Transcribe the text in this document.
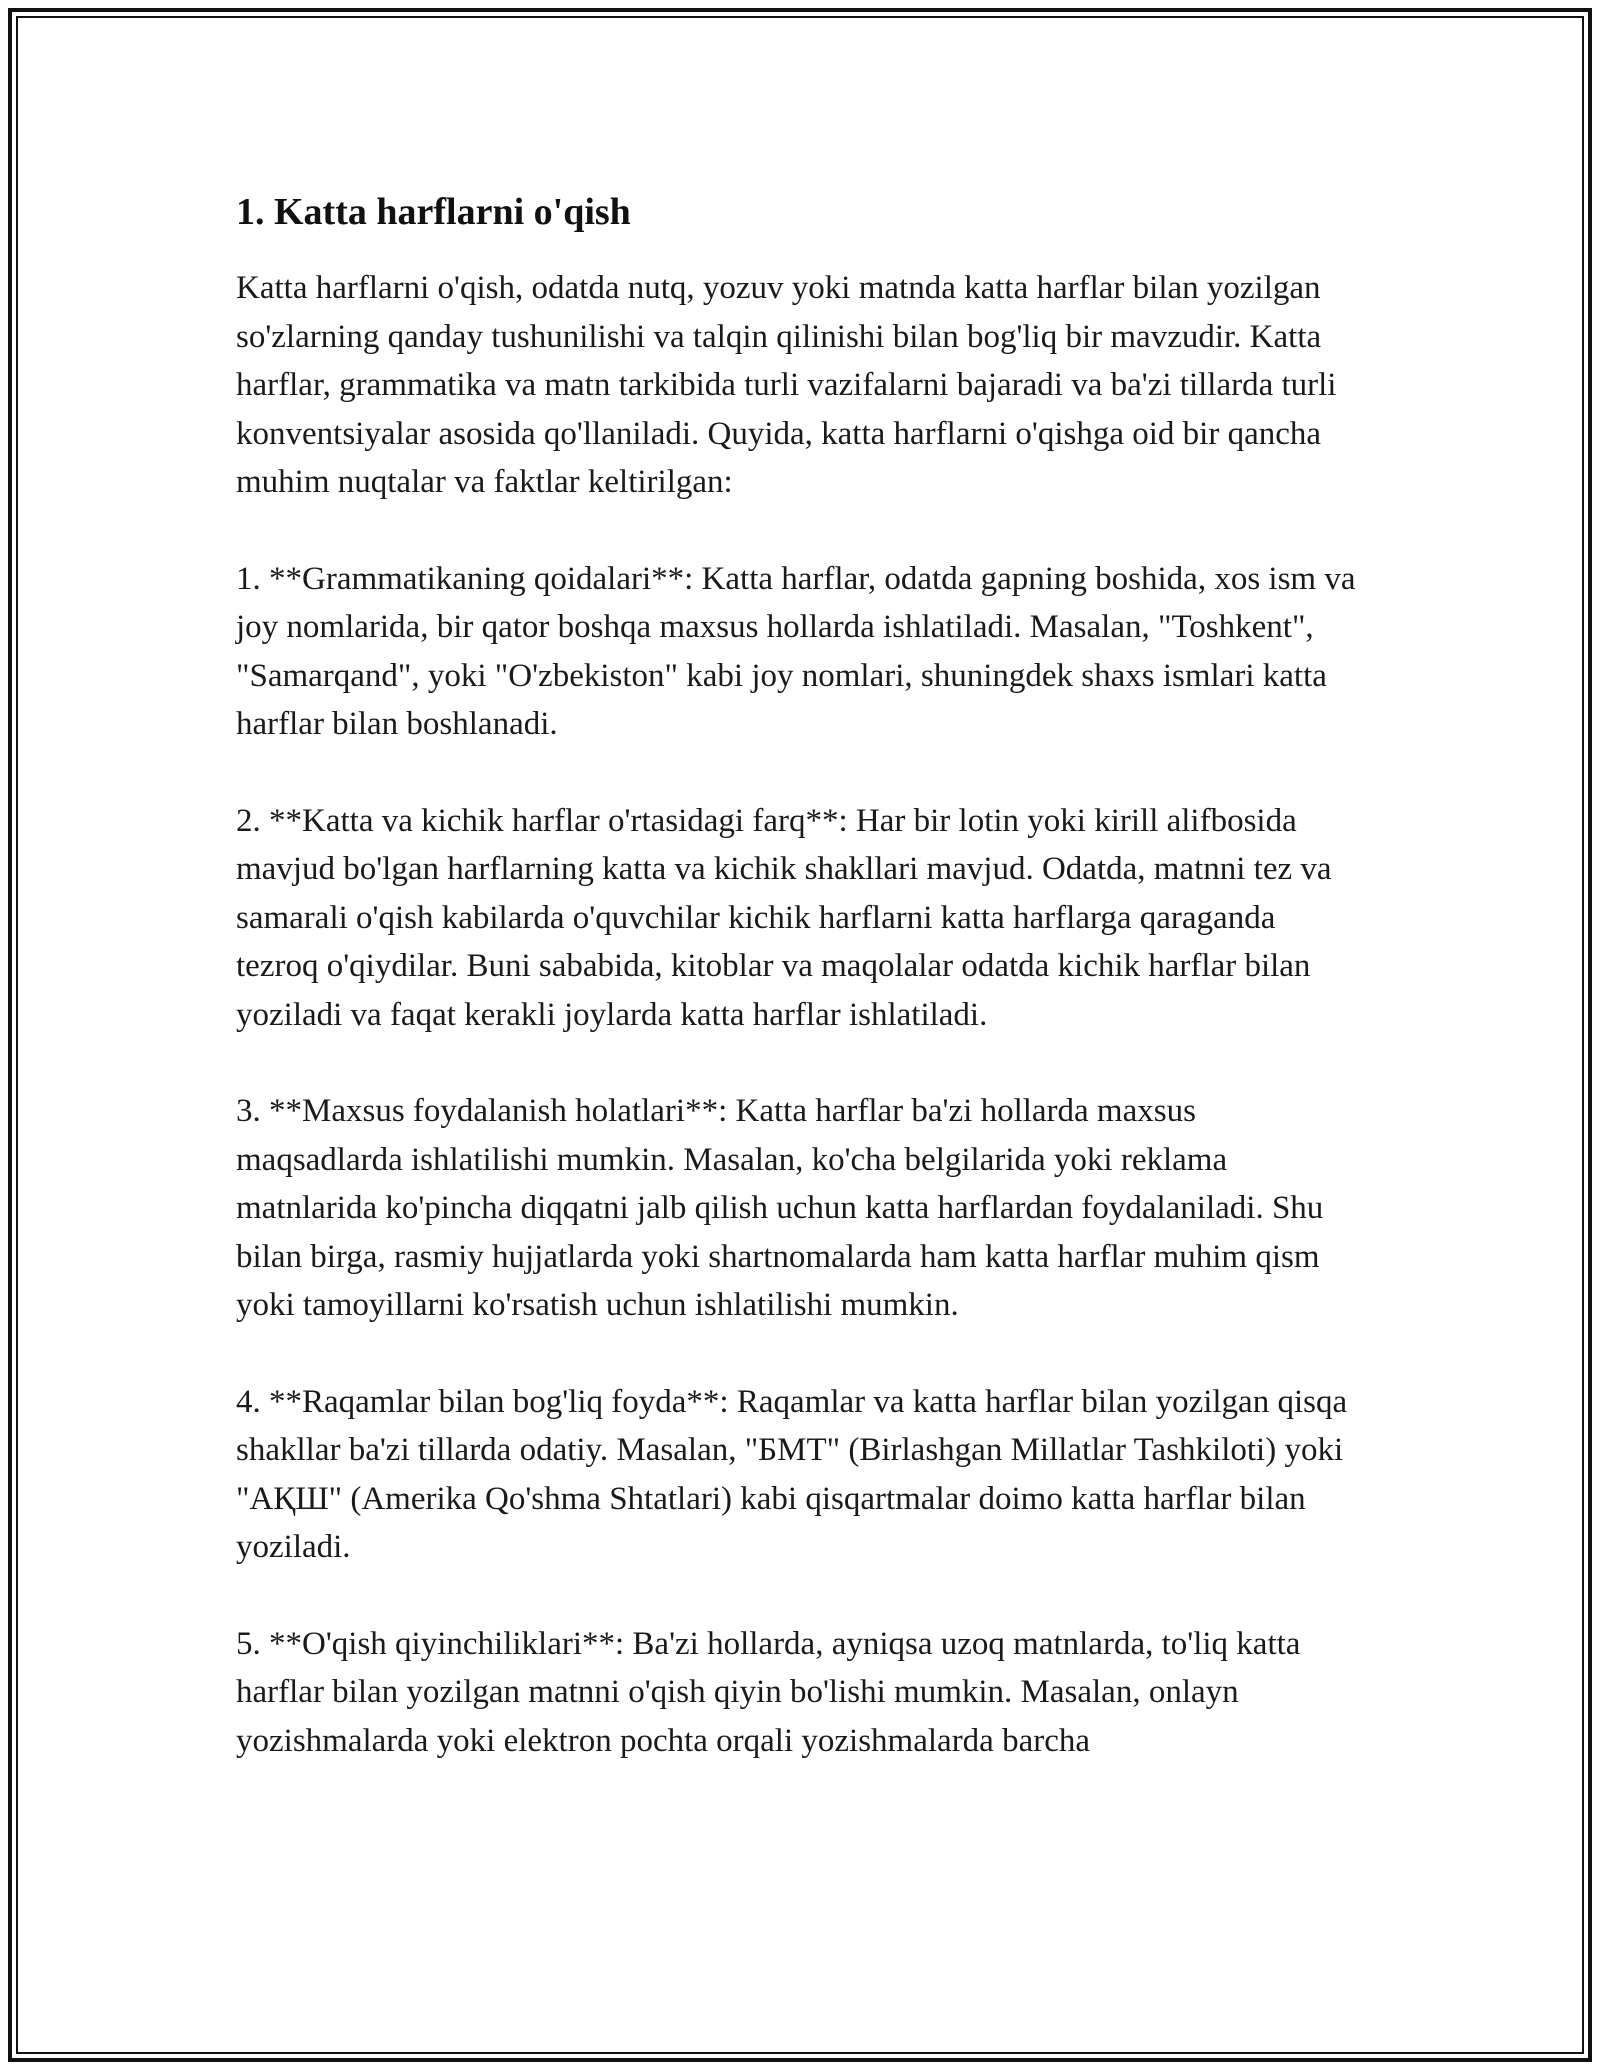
1. Katta harflarni o'qish

Katta harflarni o'qish, odatda nutq, yozuv yoki matnda katta harflar bilan yozilgan so'zlarning qanday tushunilishi va talqin qilinishi bilan bog'liq bir mavzudir. Katta harflar, grammatika va matn tarkibida turli vazifalarni bajaradi va ba'zi tillarda turli konventsiyalar asosida qo'llaniladi. Quyida, katta harflarni o'qishga oid bir qancha muhim nuqtalar va faktlar keltirilgan:

1. **Grammatikaning qoidalari**: Katta harflar, odatda gapning boshida, xos ism va joy nomlarida, bir qator boshqa maxsus hollarda ishlatiladi. Masalan, "Toshkent", "Samarqand", yoki "O'zbekiston" kabi joy nomlari, shuningdek shaxs ismlari katta harflar bilan boshlanadi.

2. **Katta va kichik harflar o'rtasidagi farq**: Har bir lotin yoki kirill alifbosida mavjud bo'lgan harflarning katta va kichik shakllari mavjud. Odatda, matnni tez va samarali o'qish kabilarda o'quvchilar kichik harflarni katta harflarga qaraganda tezroq o'qiydilar. Buni sababida, kitoblar va maqolalar odatda kichik harflar bilan yoziladi va faqat kerakli joylarda katta harflar ishlatiladi.

3. **Maxsus foydalanish holatlari**: Katta harflar ba'zi hollarda maxsus maqsadlarda ishlatilishi mumkin. Masalan, ko'cha belgilarida yoki reklama matnlarida ko'pincha diqqatni jalb qilish uchun katta harflardan foydalaniladi. Shu bilan birga, rasmiy hujjatlarda yoki shartnomalarda ham katta harflar muhim qism yoki tamoyillarni ko'rsatish uchun ishlatilishi mumkin.

4. **Raqamlar bilan bog'liq foyda**: Raqamlar va katta harflar bilan yozilgan qisqa shakllar ba'zi tillarda odatiy. Masalan, "БМТ" (Birlashgan Millatlar Tashkiloti) yoki "АҚШ" (Amerika Qo'shma Shtatlari) kabi qisqartmalar doimo katta harflar bilan yoziladi.

5. **O'qish qiyinchiliklari**: Ba'zi hollarda, ayniqsa uzoq matnlarda, to'liq katta harflar bilan yozilgan matnni o'qish qiyin bo'lishi mumkin. Masalan, onlayn yozishmalarda yoki elektron pochta orqali yozishmalarda barcha
